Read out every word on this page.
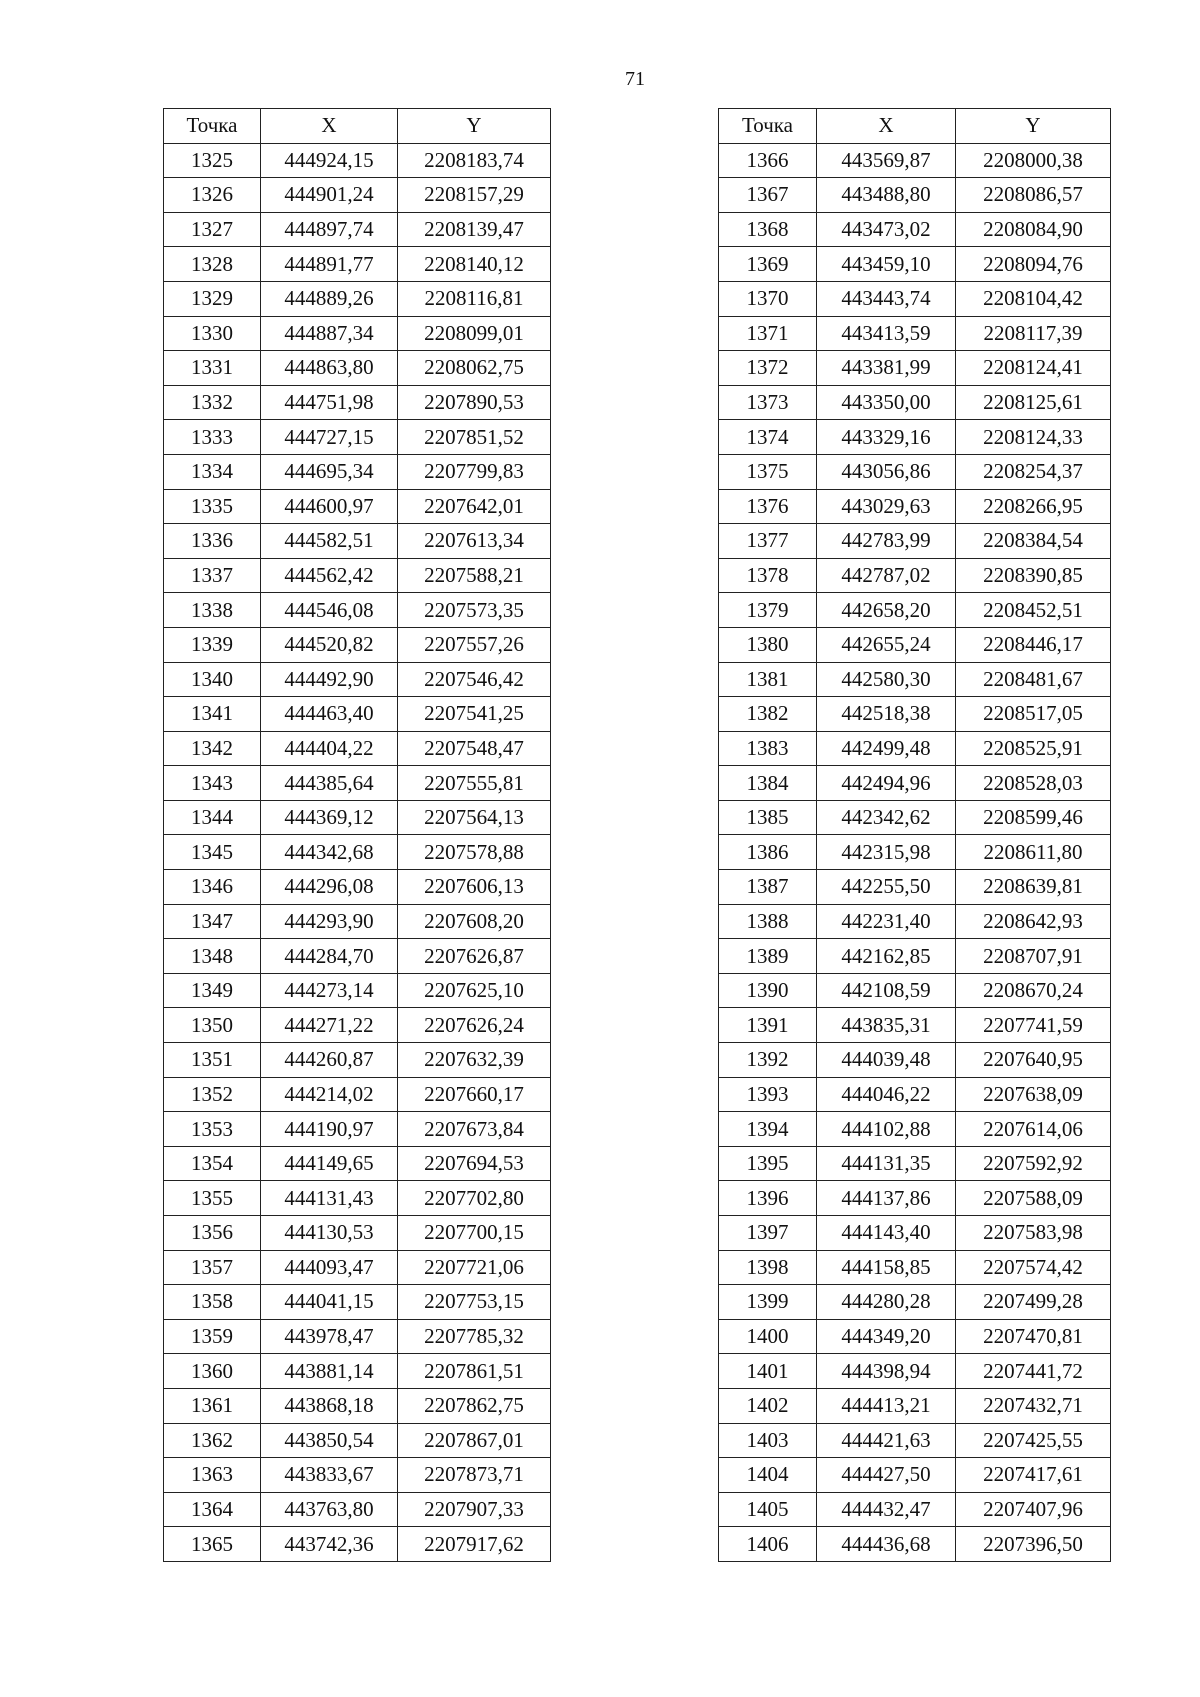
71
Точка	X	Y
1325	444924,15	2208183,74
1326	444901,24	2208157,29
1327	444897,74	2208139,47
1328	444891,77	2208140,12
1329	444889,26	2208116,81
1330	444887,34	2208099,01
1331	444863,80	2208062,75
1332	444751,98	2207890,53
1333	444727,15	2207851,52
1334	444695,34	2207799,83
1335	444600,97	2207642,01
1336	444582,51	2207613,34
1337	444562,42	2207588,21
1338	444546,08	2207573,35
1339	444520,82	2207557,26
1340	444492,90	2207546,42
1341	444463,40	2207541,25
1342	444404,22	2207548,47
1343	444385,64	2207555,81
1344	444369,12	2207564,13
1345	444342,68	2207578,88
1346	444296,08	2207606,13
1347	444293,90	2207608,20
1348	444284,70	2207626,87
1349	444273,14	2207625,10
1350	444271,22	2207626,24
1351	444260,87	2207632,39
1352	444214,02	2207660,17
1353	444190,97	2207673,84
1354	444149,65	2207694,53
1355	444131,43	2207702,80
1356	444130,53	2207700,15
1357	444093,47	2207721,06
1358	444041,15	2207753,15
1359	443978,47	2207785,32
1360	443881,14	2207861,51
1361	443868,18	2207862,75
1362	443850,54	2207867,01
1363	443833,67	2207873,71
1364	443763,80	2207907,33
1365	443742,36	2207917,62
Точка	X	Y
1366	443569,87	2208000,38
1367	443488,80	2208086,57
1368	443473,02	2208084,90
1369	443459,10	2208094,76
1370	443443,74	2208104,42
1371	443413,59	2208117,39
1372	443381,99	2208124,41
1373	443350,00	2208125,61
1374	443329,16	2208124,33
1375	443056,86	2208254,37
1376	443029,63	2208266,95
1377	442783,99	2208384,54
1378	442787,02	2208390,85
1379	442658,20	2208452,51
1380	442655,24	2208446,17
1381	442580,30	2208481,67
1382	442518,38	2208517,05
1383	442499,48	2208525,91
1384	442494,96	2208528,03
1385	442342,62	2208599,46
1386	442315,98	2208611,80
1387	442255,50	2208639,81
1388	442231,40	2208642,93
1389	442162,85	2208707,91
1390	442108,59	2208670,24
1391	443835,31	2207741,59
1392	444039,48	2207640,95
1393	444046,22	2207638,09
1394	444102,88	2207614,06
1395	444131,35	2207592,92
1396	444137,86	2207588,09
1397	444143,40	2207583,98
1398	444158,85	2207574,42
1399	444280,28	2207499,28
1400	444349,20	2207470,81
1401	444398,94	2207441,72
1402	444413,21	2207432,71
1403	444421,63	2207425,55
1404	444427,50	2207417,61
1405	444432,47	2207407,96
1406	444436,68	2207396,50
